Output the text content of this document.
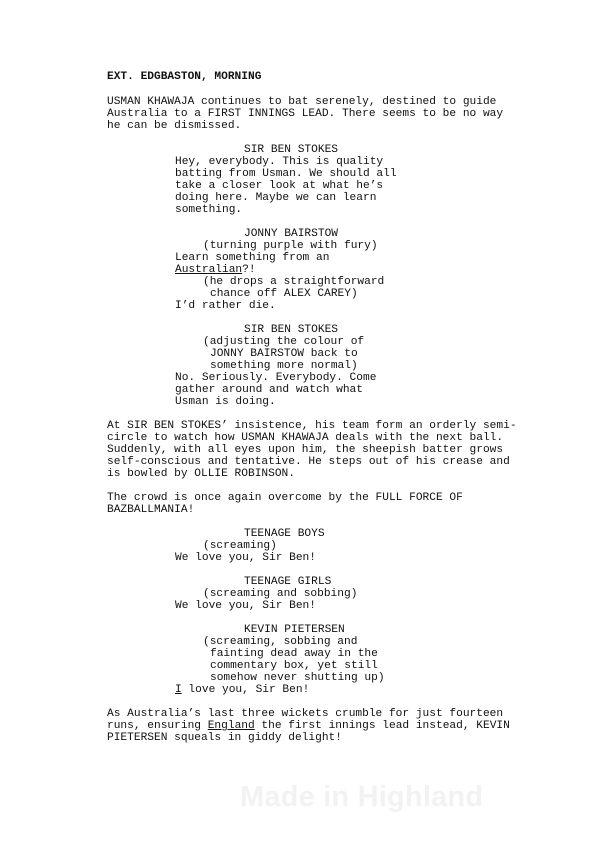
EXT. EDGBASTON, MORNING
USMAN KHAWAJA continues to bat serenely, destined to guide
Australia to a FIRST INNINGS LEAD. There seems to be no way
he can be dismissed.
SIR BEN STOKES
Hey, everybody. This is quality
batting from Usman. We should all
take a closer look at what he’s
doing here. Maybe we can learn
something.
JONNY BAIRSTOW
(turning purple with fury)
Learn something from an
Australian?!
(he drops a straightforward
chance off ALEX CAREY)
I’d rather die.
SIR BEN STOKES
(adjusting the colour of
JONNY BAIRSTOW back to
something more normal)
No. Seriously. Everybody. Come
gather around and watch what
Usman is doing.
At SIR BEN STOKES’ insistence, his team form an orderly semi-
circle to watch how USMAN KHAWAJA deals with the next ball.
Suddenly, with all eyes upon him, the sheepish batter grows
self-conscious and tentative. He steps out of his crease and
is bowled by OLLIE ROBINSON.
The crowd is once again overcome by the FULL FORCE OF
BAZBALLMANIA!
TEENAGE BOYS
(screaming)
We love you, Sir Ben!
TEENAGE GIRLS
(screaming and sobbing)
We love you, Sir Ben!
KEVIN PIETERSEN
(screaming, sobbing and
fainting dead away in the
commentary box, yet still
somehow never shutting up)
I love you, Sir Ben!
As Australia’s last three wickets crumble for just fourteen
runs, ensuring England the first innings lead instead, KEVIN
PIETERSEN squeals in giddy delight!
Made in Highland
